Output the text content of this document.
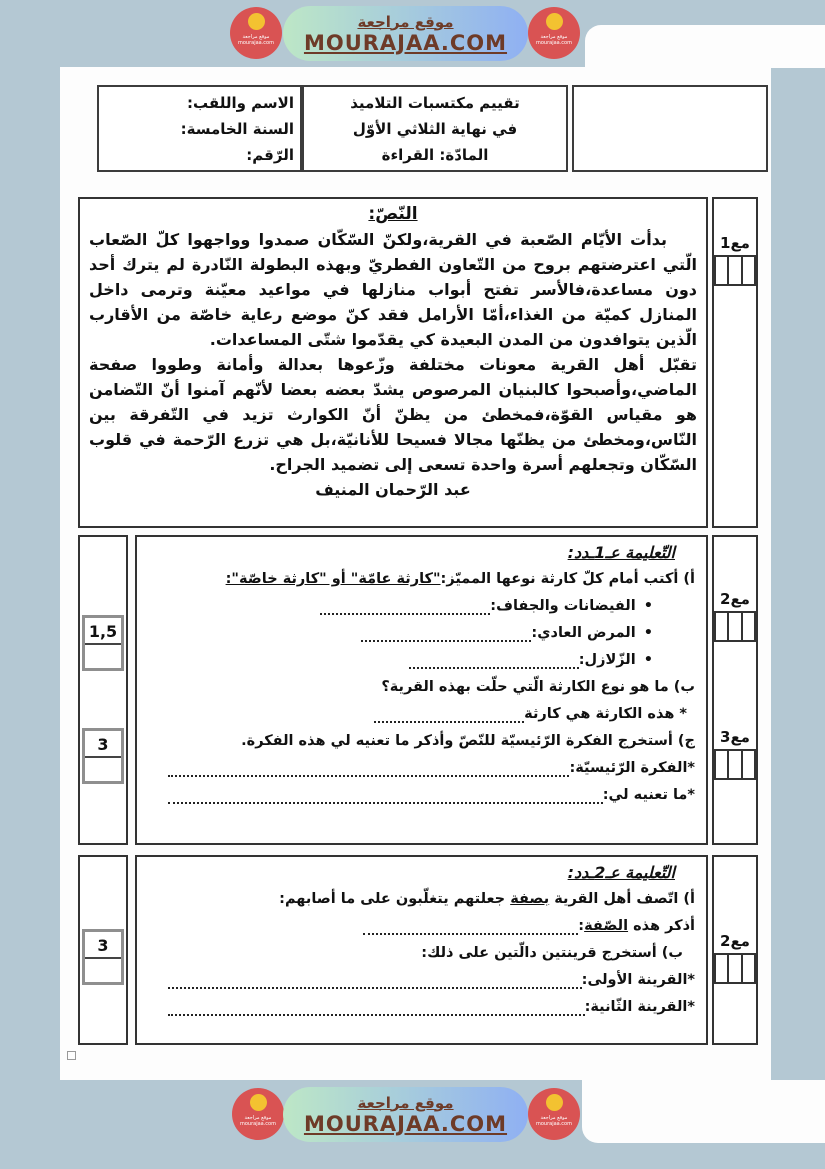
موقع مراجعة
mourajaa.com
موقع مراجعة
MOURAJAA.COM	موقع مراجعة
mourajaa.com
تقييم مكتسبات التلاميذ
في نهاية الثلاثي الأوّل
المادّة: القراءة
الاسم واللقب:
السنة الخامسة:
الرّقم:
النّصّ:

بدأت الأيّام الصّعبة في القرية،ولكنّ السّكّان صمدوا وواجهوا كلّ الصّعاب الّتي اعترضتهم بروح من التّعاون الفطريّ وبهذه البطولة النّادرة لم يترك أحد دون مساعدة،فالأسر تفتح أبواب منازلها في مواعيد معيّنة وترمى داخل المنازل كميّة من الغذاء،أمّا الأرامل فقد كنّ موضع رعاية خاصّة من الأقارب الّذين يتوافدون من المدن البعيدة كي يقدّموا شتّى المساعدات.

تقبّل أهل القرية معونات مختلفة وزّعوها بعدالة وأمانة وطووا صفحة الماضي،وأصبحوا كالبنيان المرصوص يشدّ بعضه بعضا لأنّهم آمنوا أنّ التّضامن هو مقياس القوّة،فمخطئ من يظنّ أنّ الكوارث تزيد في التّفرقة بين النّاس،ومخطئ من يظنّها مجالا فسيحا للأنانيّة،بل هي تزرع الرّحمة في قلوب السّكّان وتجعلهم أسرة واحدة تسعى إلى تضميد الجراح.

عبد الرّحمان المنيف
مع1
1,5
3
التّعليمة عـ1ـدد:
أ) أكتب أمام كلّ كارثة نوعها المميّز:"كارثة عامّة" أو "كارثة خاصّة":
•
الفيضانات والجفاف:
•
المرض العادي:
•
الزّلازل:
ب) ما هو نوع الكارثة الّتي حلّت بهذه القرية؟
* هذه الكارثة هي كارثة
ج) أستخرج الفكرة الرّئيسيّة للنّصّ وأذكر ما تعنيه لي هذه الفكرة.
*الفكرة الرّئيسيّة:
*ما تعنيه لي:
مع2
مع3
3
التّعليمة عـ2ـدد:
أ) اتّصف أهل القرية بصفة جعلتهم يتغلّبون على ما أصابهم:
أذكر هذه الصّفة:
ب) أستخرج قرينتين دالّتين على ذلك:
*القرينة الأولى:
*القرينة الثّانية:
مع2
موقع مراجعة
mourajaa.com
موقع مراجعة
MOURAJAA.COM	موقع مراجعة
mourajaa.com
